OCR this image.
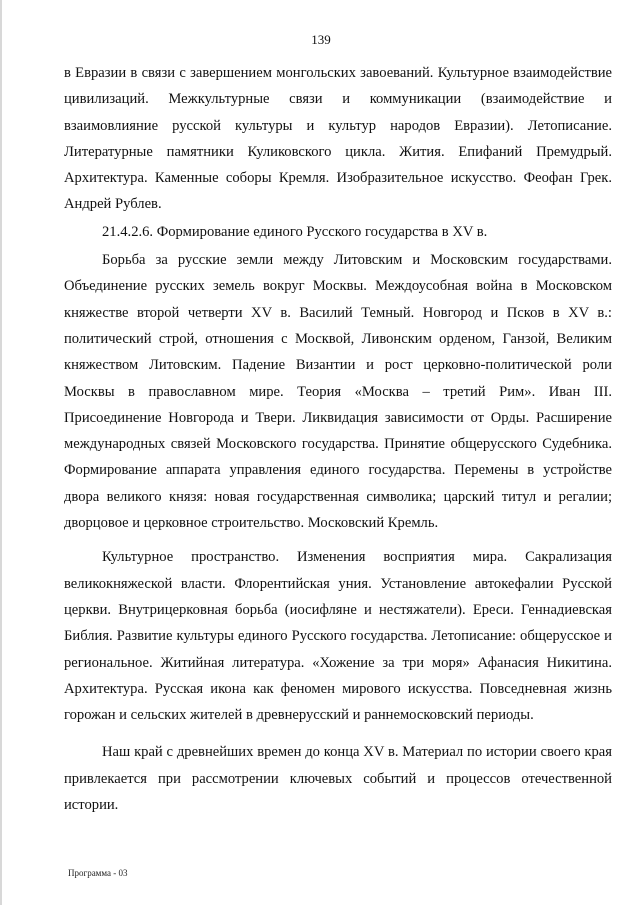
139

в Евразии в связи с завершением монгольских завоеваний. Культурное взаимодействие цивилизаций. Межкультурные связи и коммуникации (взаимодействие и взаимовлияние русской культуры и культур народов Евразии). Летописание. Литературные памятники Куликовского цикла. Жития. Епифаний Премудрый. Архитектура. Каменные соборы Кремля. Изобразительное искусство. Феофан Грек. Андрей Рублев.

21.4.2.6. Формирование единого Русского государства в XV в.

Борьба за русские земли между Литовским и Московским государствами. Объединение русских земель вокруг Москвы. Междоусобная война в Московском княжестве второй четверти XV в. Василий Темный. Новгород и Псков в XV в.: политический строй, отношения с Москвой, Ливонским орденом, Ганзой, Великим княжеством Литовским. Падение Византии и рост церковно-политической роли Москвы в православном мире. Теория «Москва – третий Рим». Иван III. Присоединение Новгорода и Твери. Ликвидация зависимости от Орды. Расширение международных связей Московского государства. Принятие общерусского Судебника. Формирование аппарата управления единого государства. Перемены в устройстве двора великого князя: новая государственная символика; царский титул и регалии; дворцовое и церковное строительство. Московский Кремль.

Культурное пространство. Изменения восприятия мира. Сакрализация великокняжеской власти. Флорентийская уния. Установление автокефалии Русской церкви. Внутрицерковная борьба (иосифляне и нестяжатели). Ереси. Геннадиевская Библия. Развитие культуры единого Русского государства. Летописание: общерусское и региональное. Житийная литература. «Хожение за три моря» Афанасия Никитина. Архитектура. Русская икона как феномен мирового искусства. Повседневная жизнь горожан и сельских жителей в древнерусский и раннемосковский периоды.

Наш край с древнейших времен до конца XV в. Материал по истории своего края привлекается при рассмотрении ключевых событий и процессов отечественной истории.

Программа - 03
